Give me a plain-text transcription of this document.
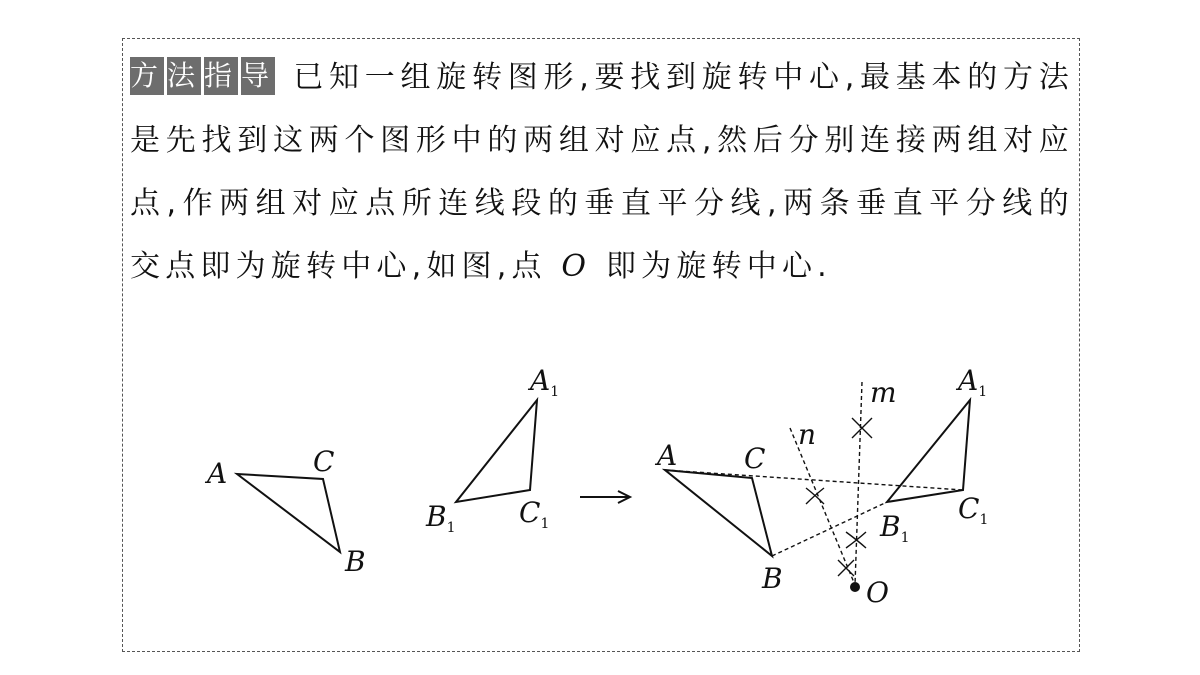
方 法 指 导 已知一组旋转图形,要找到旋转中心,最基本的方法是先找到这两个图形中的两组对应点,然后分别连接两组对应点,作两组对应点所连线段的垂直平分线,两条垂直平分线的交点即为旋转中心,如图,点 O 即为旋转中心.
A	C
B
$A_1$
$B_1$ $C_1$
A C
B
$A_1$
$B_1$
$C_1$
m
n
O
